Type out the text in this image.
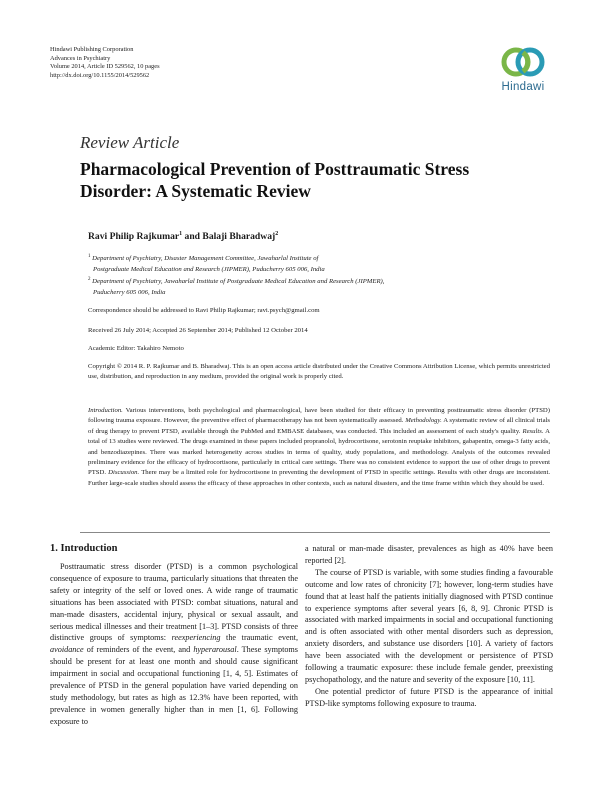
Hindawi Publishing Corporation
Advances in Psychiatry
Volume 2014, Article ID 529562, 10 pages
http://dx.doi.org/10.1155/2014/529562
Hindawi
Review Article
Pharmacological Prevention of Posttraumatic Stress Disorder: A Systematic Review
Ravi Philip Rajkumar$^1$ and Balaji Bharadwaj$^2$
$^1$ Department of Psychiatry, Disaster Management Committee, Jawaharlal Institute of
Postgraduate Medical Education and Research (JIPMER), Puducherry 605 006, India
$^2$ Department of Psychiatry, Jawaharlal Institute of Postgraduate Medical Education and Research (JIPMER),
Puducherry 605 006, India
Correspondence should be addressed to Ravi Philip Rajkumar; ravi.psych@gmail.com
Received 26 July 2014; Accepted 26 September 2014; Published 12 October 2014
Academic Editor: Takahiro Nemoto
Copyright © 2014 R. P. Rajkumar and B. Bharadwaj. This is an open access article distributed under the Creative Commons Attribution License, which permits unrestricted use, distribution, and reproduction in any medium, provided the original work is properly cited.
Introduction. Various interventions, both psychological and pharmacological, have been studied for their efficacy in preventing posttraumatic stress disorder (PTSD) following trauma exposure. However, the preventive effect of pharmacotherapy has not been systematically assessed. Methodology. A systematic review of all clinical trials of drug therapy to prevent PTSD, available through the PubMed and EMBASE databases, was conducted. This included an assessment of each study's quality. Results. A total of 13 studies were reviewed. The drugs examined in these papers included propranolol, hydrocortisone, serotonin reuptake inhibitors, gabapentin, omega-3 fatty acids, and benzodiazepines. There was marked heterogeneity across studies in terms of quality, study populations, and methodology. Analysis of the outcomes revealed preliminary evidence for the efficacy of hydrocortisone, particularly in critical care settings. There was no consistent evidence to support the use of other drugs to prevent PTSD. Discussion. There may be a limited role for hydrocortisone in preventing the development of PTSD in specific settings. Results with other drugs are inconsistent. Further large-scale studies should assess the efficacy of these approaches in other contexts, such as natural disasters, and the time frame within which they should be used.
1. Introduction

Posttraumatic stress disorder (PTSD) is a common psychological consequence of exposure to trauma, particularly situations that threaten the safety or integrity of the self or loved ones. A wide range of traumatic situations has been associated with PTSD: combat situations, natural and man-made disasters, accidental injury, physical or sexual assault, and serious medical illnesses and their treatment [1–3]. PTSD consists of three distinctive groups of symptoms: reexperiencing the traumatic event, avoidance of reminders of the event, and hyperarousal. These symptoms should be present for at least one month and should cause significant impairment in social and occupational functioning [1, 4, 5]. Estimates of prevalence of PTSD in the general population have varied depending on study methodology, but rates as high as 12.3% have been reported, with prevalence in women generally higher than in men [1, 6]. Following exposure to

a natural or man-made disaster, prevalences as high as 40% have been reported [2].

The course of PTSD is variable, with some studies finding a favourable outcome and low rates of chronicity [7]; however, long-term studies have found that at least half the patients initially diagnosed with PTSD continue to experience symptoms after several years [6, 8, 9]. Chronic PTSD is associated with marked impairments in social and occupational functioning and is often associated with other mental disorders such as depression, anxiety disorders, and substance use disorders [10]. A variety of factors have been associated with the development or persistence of PTSD following a traumatic exposure: these include female gender, preexisting psychopathology, and the nature and severity of the exposure [10, 11].

One potential predictor of future PTSD is the appearance of initial PTSD-like symptoms following exposure to trauma.
